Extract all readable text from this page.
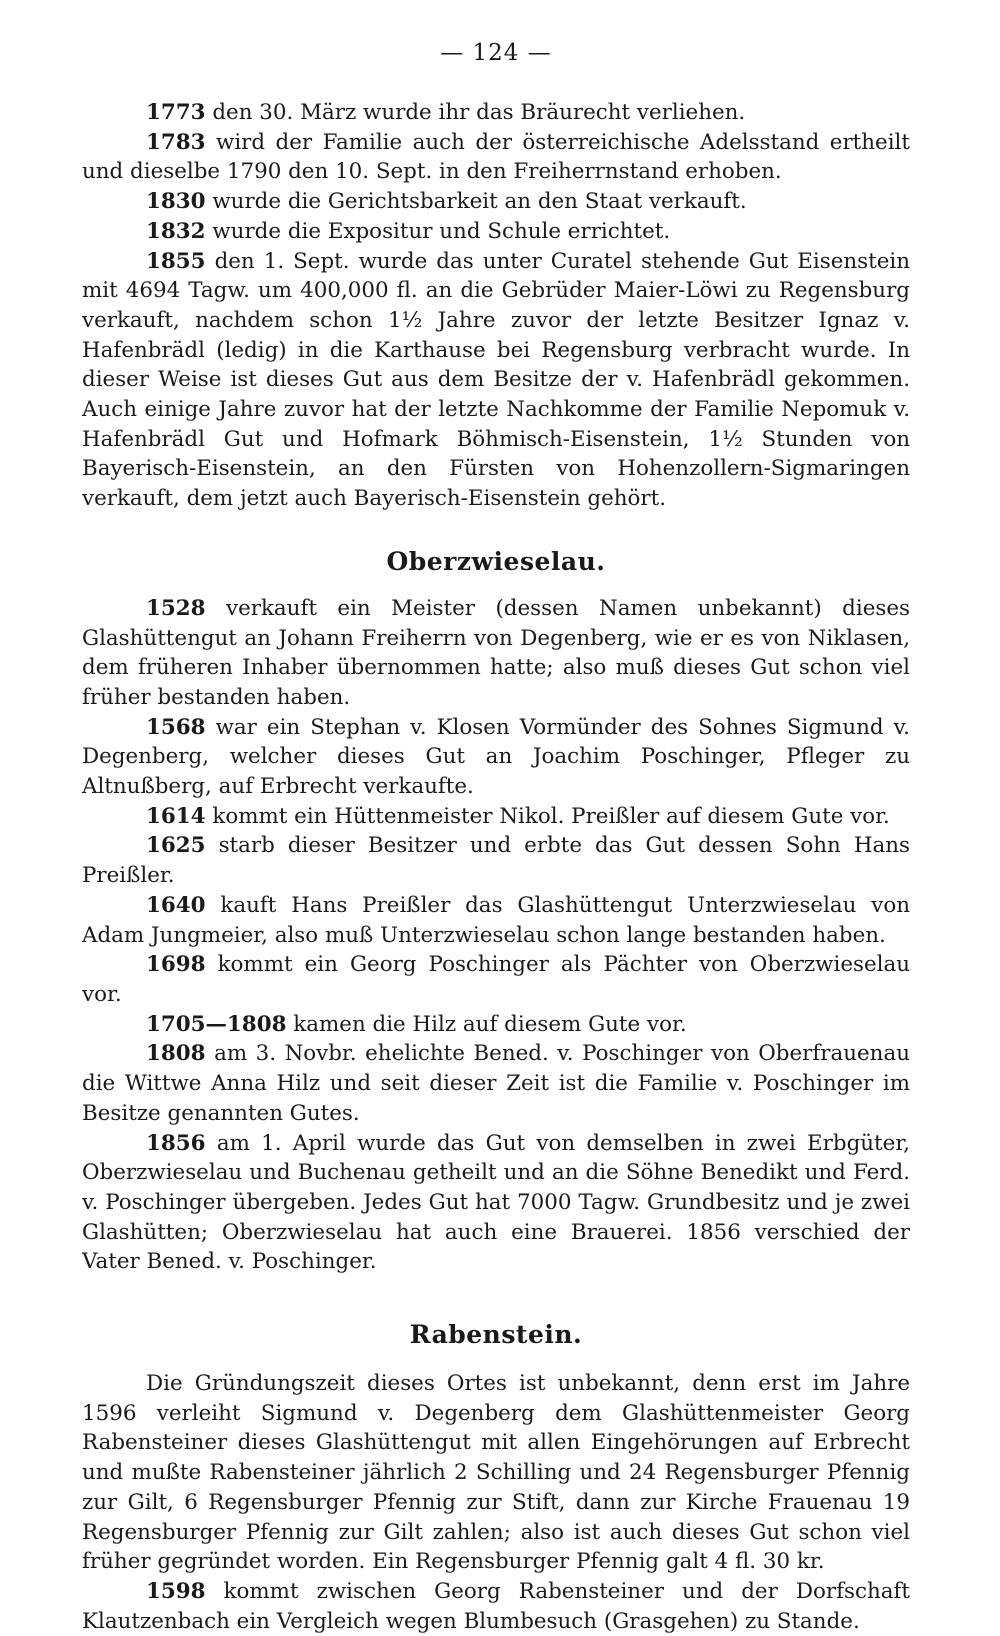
— 124 —

1773 den 30. März wurde ihr das Bräurecht verliehen.

1783 wird der Familie auch der österreichische Adelsstand ertheilt und dieselbe 1790 den 10. Sept. in den Freiherrnstand erhoben.

1830 wurde die Gerichtsbarkeit an den Staat verkauft.

1832 wurde die Expositur und Schule errichtet.

1855 den 1. Sept. wurde das unter Curatel stehende Gut Eisenstein mit 4694 Tagw. um 400,000 fl. an die Gebrüder Maier-Löwi zu Regensburg verkauft, nachdem schon 1½ Jahre zuvor der letzte Besitzer Ignaz v. Hafenbrädl (ledig) in die Karthause bei Regensburg verbracht wurde. In dieser Weise ist dieses Gut aus dem Besitze der v. Hafenbrädl gekommen. Auch einige Jahre zuvor hat der letzte Nachkomme der Familie Nepomuk v. Hafenbrädl Gut und Hofmark Böhmisch-Eisenstein, 1½ Stunden von Bayerisch-Eisenstein, an den Fürsten von Hohenzollern-Sigmaringen verkauft, dem jetzt auch Bayerisch-Eisenstein gehört.

Oberzwieselau.

1528 verkauft ein Meister (dessen Namen unbekannt) dieses Glashüttengut an Johann Freiherrn von Degenberg, wie er es von Niklasen, dem früheren Inhaber übernommen hatte; also muß dieses Gut schon viel früher bestanden haben.

1568 war ein Stephan v. Klosen Vormünder des Sohnes Sigmund v. Degenberg, welcher dieses Gut an Joachim Poschinger, Pfleger zu Altnußberg, auf Erbrecht verkaufte.

1614 kommt ein Hüttenmeister Nikol. Preißler auf diesem Gute vor.

1625 starb dieser Besitzer und erbte das Gut dessen Sohn Hans Preißler.

1640 kauft Hans Preißler das Glashüttengut Unterzwieselau von Adam Jungmeier, also muß Unterzwieselau schon lange bestanden haben.

1698 kommt ein Georg Poschinger als Pächter von Oberzwieselau vor.

1705—1808 kamen die Hilz auf diesem Gute vor.

1808 am 3. Novbr. ehelichte Bened. v. Poschinger von Oberfrauenau die Wittwe Anna Hilz und seit dieser Zeit ist die Familie v. Poschinger im Besitze genannten Gutes.

1856 am 1. April wurde das Gut von demselben in zwei Erbgüter, Oberzwieselau und Buchenau getheilt und an die Söhne Benedikt und Ferd. v. Poschinger übergeben. Jedes Gut hat 7000 Tagw. Grundbesitz und je zwei Glashütten; Oberzwieselau hat auch eine Brauerei. 1856 verschied der Vater Bened. v. Poschinger.

Rabenstein.

Die Gründungszeit dieses Ortes ist unbekannt, denn erst im Jahre 1596 verleiht Sigmund v. Degenberg dem Glashüttenmeister Georg Rabensteiner dieses Glashüttengut mit allen Eingehörungen auf Erbrecht und mußte Rabensteiner jährlich 2 Schilling und 24 Regensburger Pfennig zur Gilt, 6 Regensburger Pfennig zur Stift, dann zur Kirche Frauenau 19 Regensburger Pfennig zur Gilt zahlen; also ist auch dieses Gut schon viel früher gegründet worden. Ein Regensburger Pfennig galt 4 fl. 30 kr.

1598 kommt zwischen Georg Rabensteiner und der Dorfschaft Klautzenbach ein Vergleich wegen Blumbesuch (Grasgehen) zu Stande.
